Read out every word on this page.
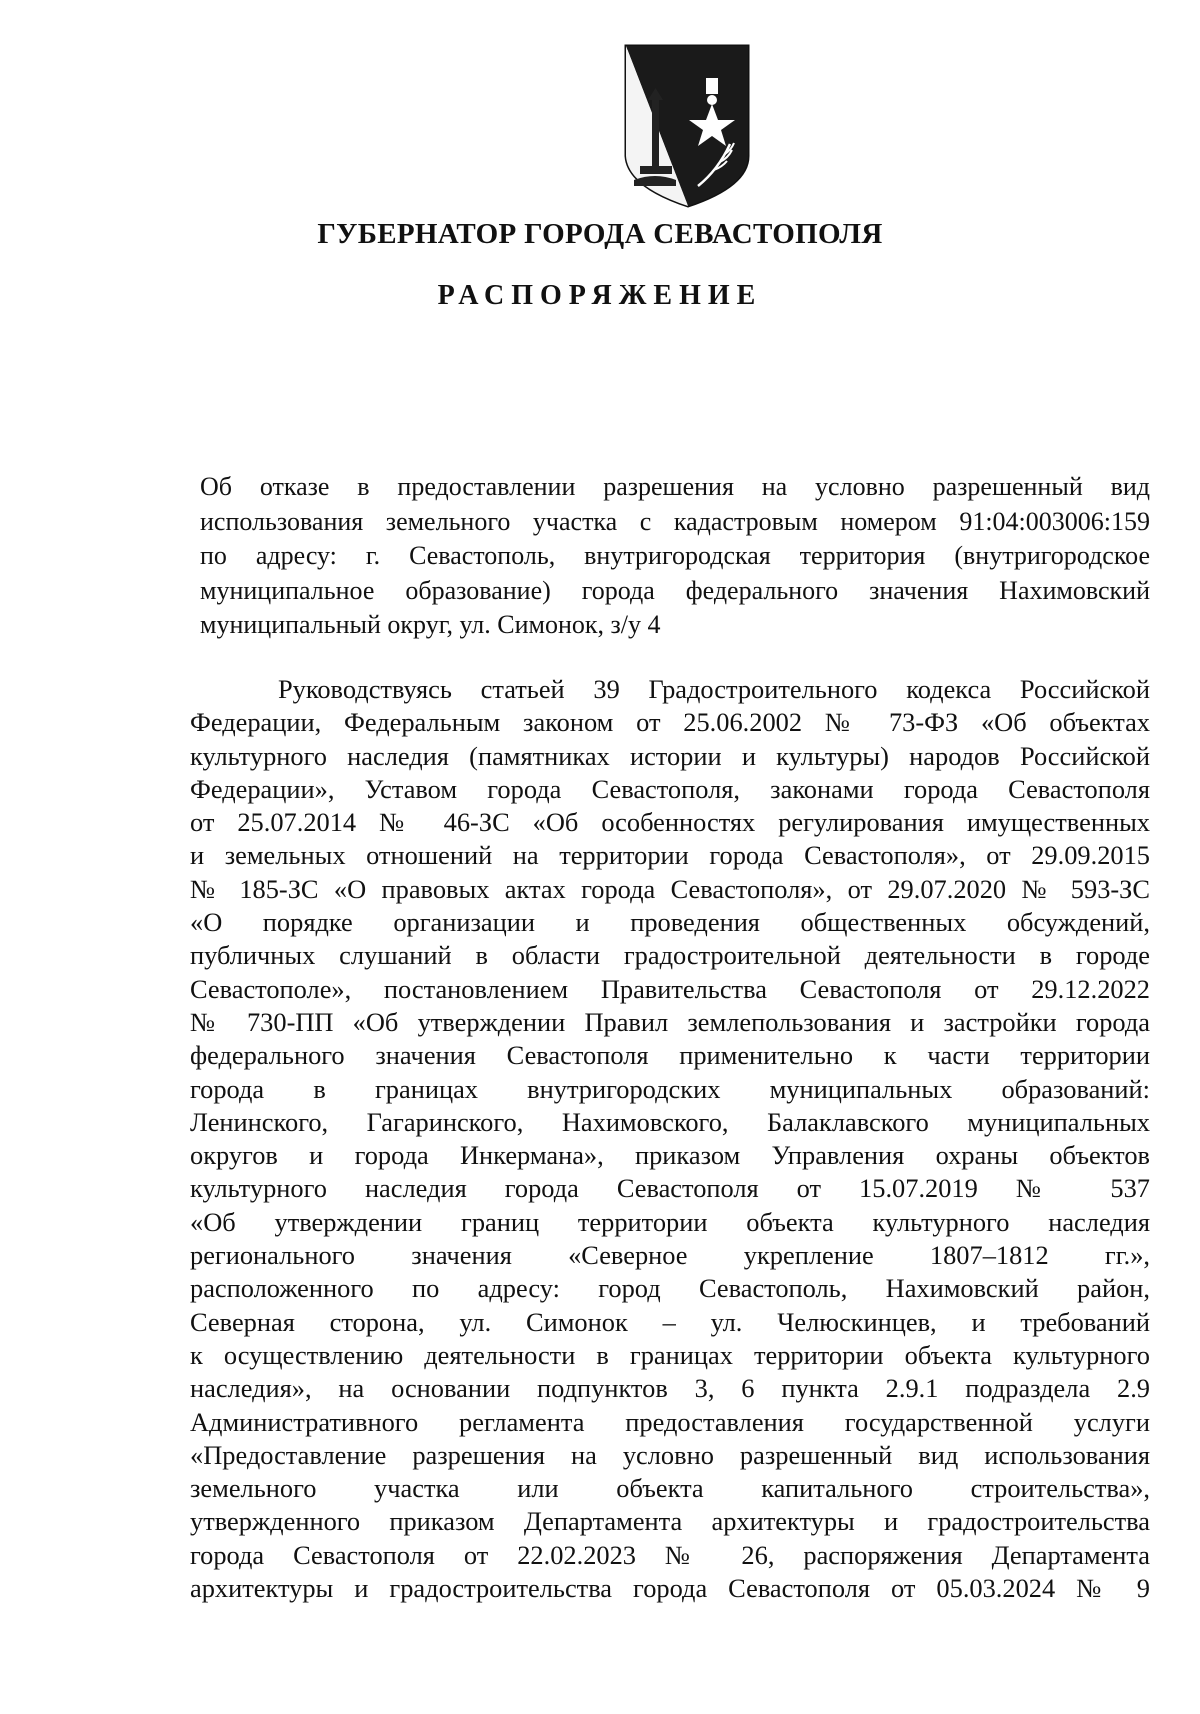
ГУБЕРНАТОР ГОРОДА СЕВАСТОПОЛЯ
РАСПОРЯЖЕНИЕ
Об отказе в предоставлении разрешения на условно разрешенный вид
использования земельного участка с кадастровым номером 91:04:003006:159
по адресу: г. Севастополь, внутригородская территория (внутригородское
муниципальное образование) города федерального значения Нахимовский
муниципальный округ, ул. Симонок, з/у 4
Руководствуясь статьей 39 Градостроительного кодекса Российской
Федерации, Федеральным законом от 25.06.2002 № 73-ФЗ «Об объектах
культурного наследия (памятниках истории и культуры) народов Российской
Федерации», Уставом города Севастополя, законами города Севастополя
от 25.07.2014 № 46-ЗС «Об особенностях регулирования имущественных
и земельных отношений на территории города Севастополя», от 29.09.2015
№ 185-ЗС «О правовых актах города Севастополя», от 29.07.2020 № 593-ЗС
«О порядке организации и проведения общественных обсуждений,
публичных слушаний в области градостроительной деятельности в городе
Севастополе», постановлением Правительства Севастополя от 29.12.2022
№ 730-ПП «Об утверждении Правил землепользования и застройки города
федерального значения Севастополя применительно к части территории
города в границах внутригородских муниципальных образований:
Ленинского, Гагаринского, Нахимовского, Балаклавского муниципальных
округов и города Инкермана», приказом Управления охраны объектов
культурного наследия города Севастополя от 15.07.2019 № 537
«Об утверждении границ территории объекта культурного наследия
регионального значения «Северное укрепление 1807–1812 гг.»,
расположенного по адресу: город Севастополь, Нахимовский район,
Северная сторона, ул. Симонок – ул. Челюскинцев, и требований
к осуществлению деятельности в границах территории объекта культурного
наследия», на основании подпунктов 3, 6 пункта 2.9.1 подраздела 2.9
Административного регламента предоставления государственной услуги
«Предоставление разрешения на условно разрешенный вид использования
земельного участка или объекта капитального строительства»,
утвержденного приказом Департамента архитектуры и градостроительства
города Севастополя от 22.02.2023 № 26, распоряжения Департамента
архитектуры и градостроительства города Севастополя от 05.03.2024 № 9
